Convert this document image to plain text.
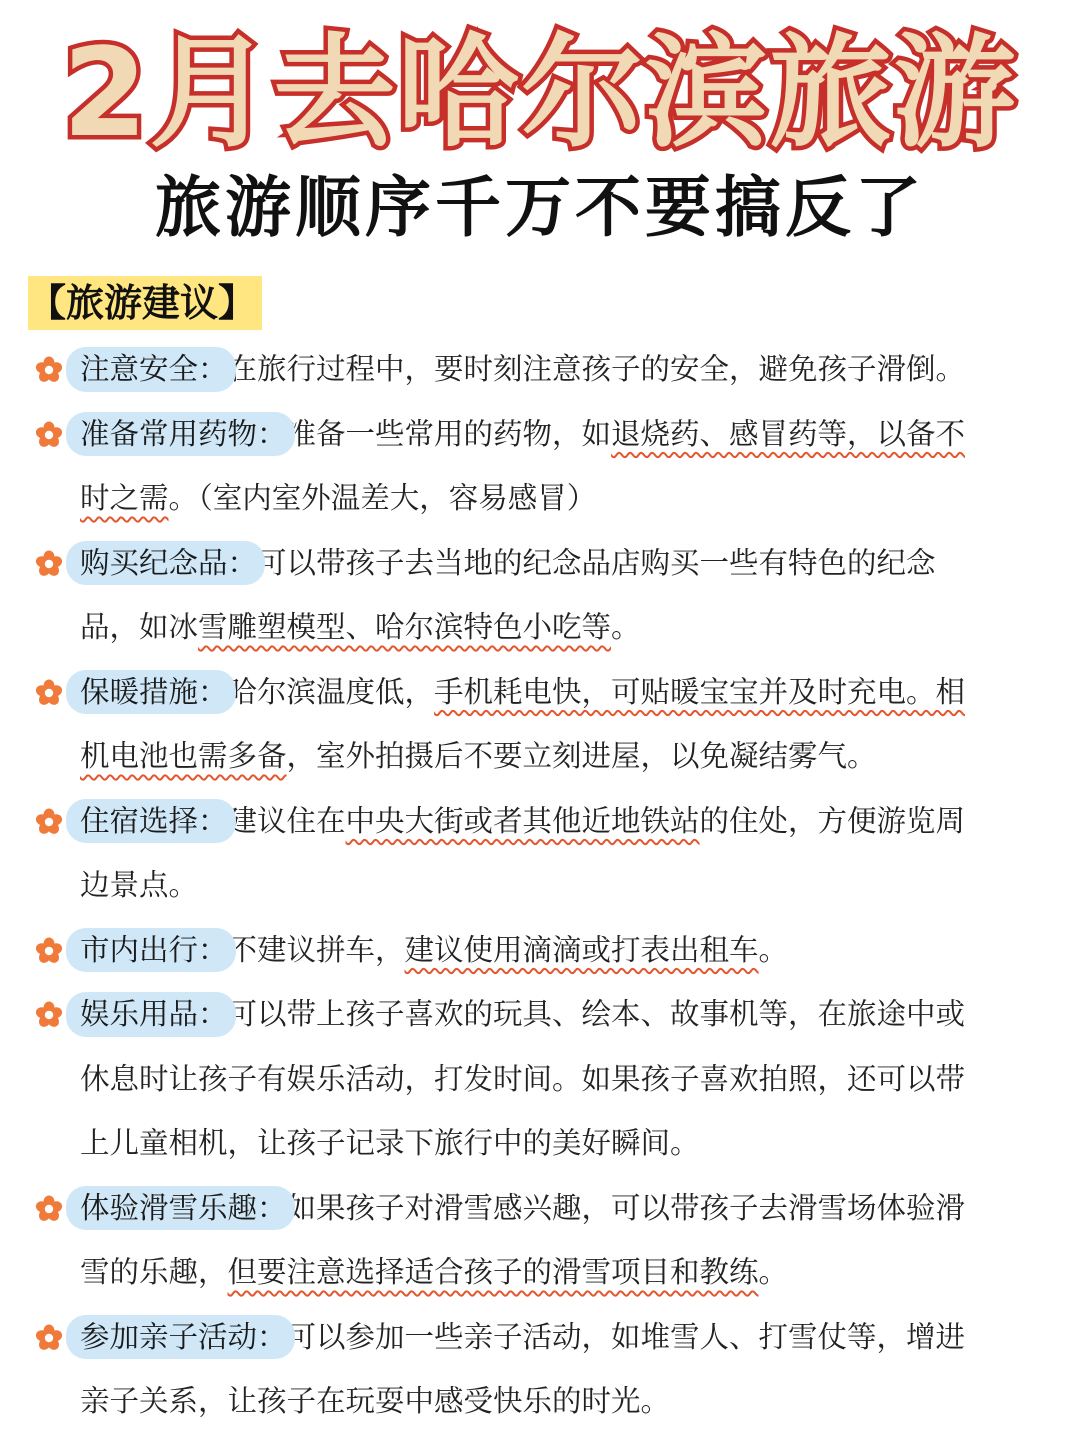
2月去哈尔滨旅游
旅游顺序千万不要搞反了
【旅游建议】
注意安全：在旅行过程中，要时刻注意孩子的安全，避免孩子滑倒。
准备常用药物：准备一些常用的药物，如退烧药、感冒药等，以备不
时之需。（室内室外温差大，容易感冒）
购买纪念品：可以带孩子去当地的纪念品店购买一些有特色的纪念
品，如冰雪雕塑模型、哈尔滨特色小吃等。
保暖措施：哈尔滨温度低，手机耗电快，可贴暖宝宝并及时充电。相
机电池也需多备，室外拍摄后不要立刻进屋，以免凝结雾气。
住宿选择：建议住在中央大街或者其他近地铁站的住处，方便游览周
边景点。
市内出行：不建议拼车，建议使用滴滴或打表出租车。
娱乐用品：可以带上孩子喜欢的玩具、绘本、故事机等，在旅途中或
休息时让孩子有娱乐活动，打发时间。如果孩子喜欢拍照，还可以带
上儿童相机，让孩子记录下旅行中的美好瞬间。
体验滑雪乐趣：如果孩子对滑雪感兴趣，可以带孩子去滑雪场体验滑
雪的乐趣，但要注意选择适合孩子的滑雪项目和教练。
参加亲子活动：可以参加一些亲子活动，如堆雪人、打雪仗等，增进
亲子关系，让孩子在玩耍中感受快乐的时光。
